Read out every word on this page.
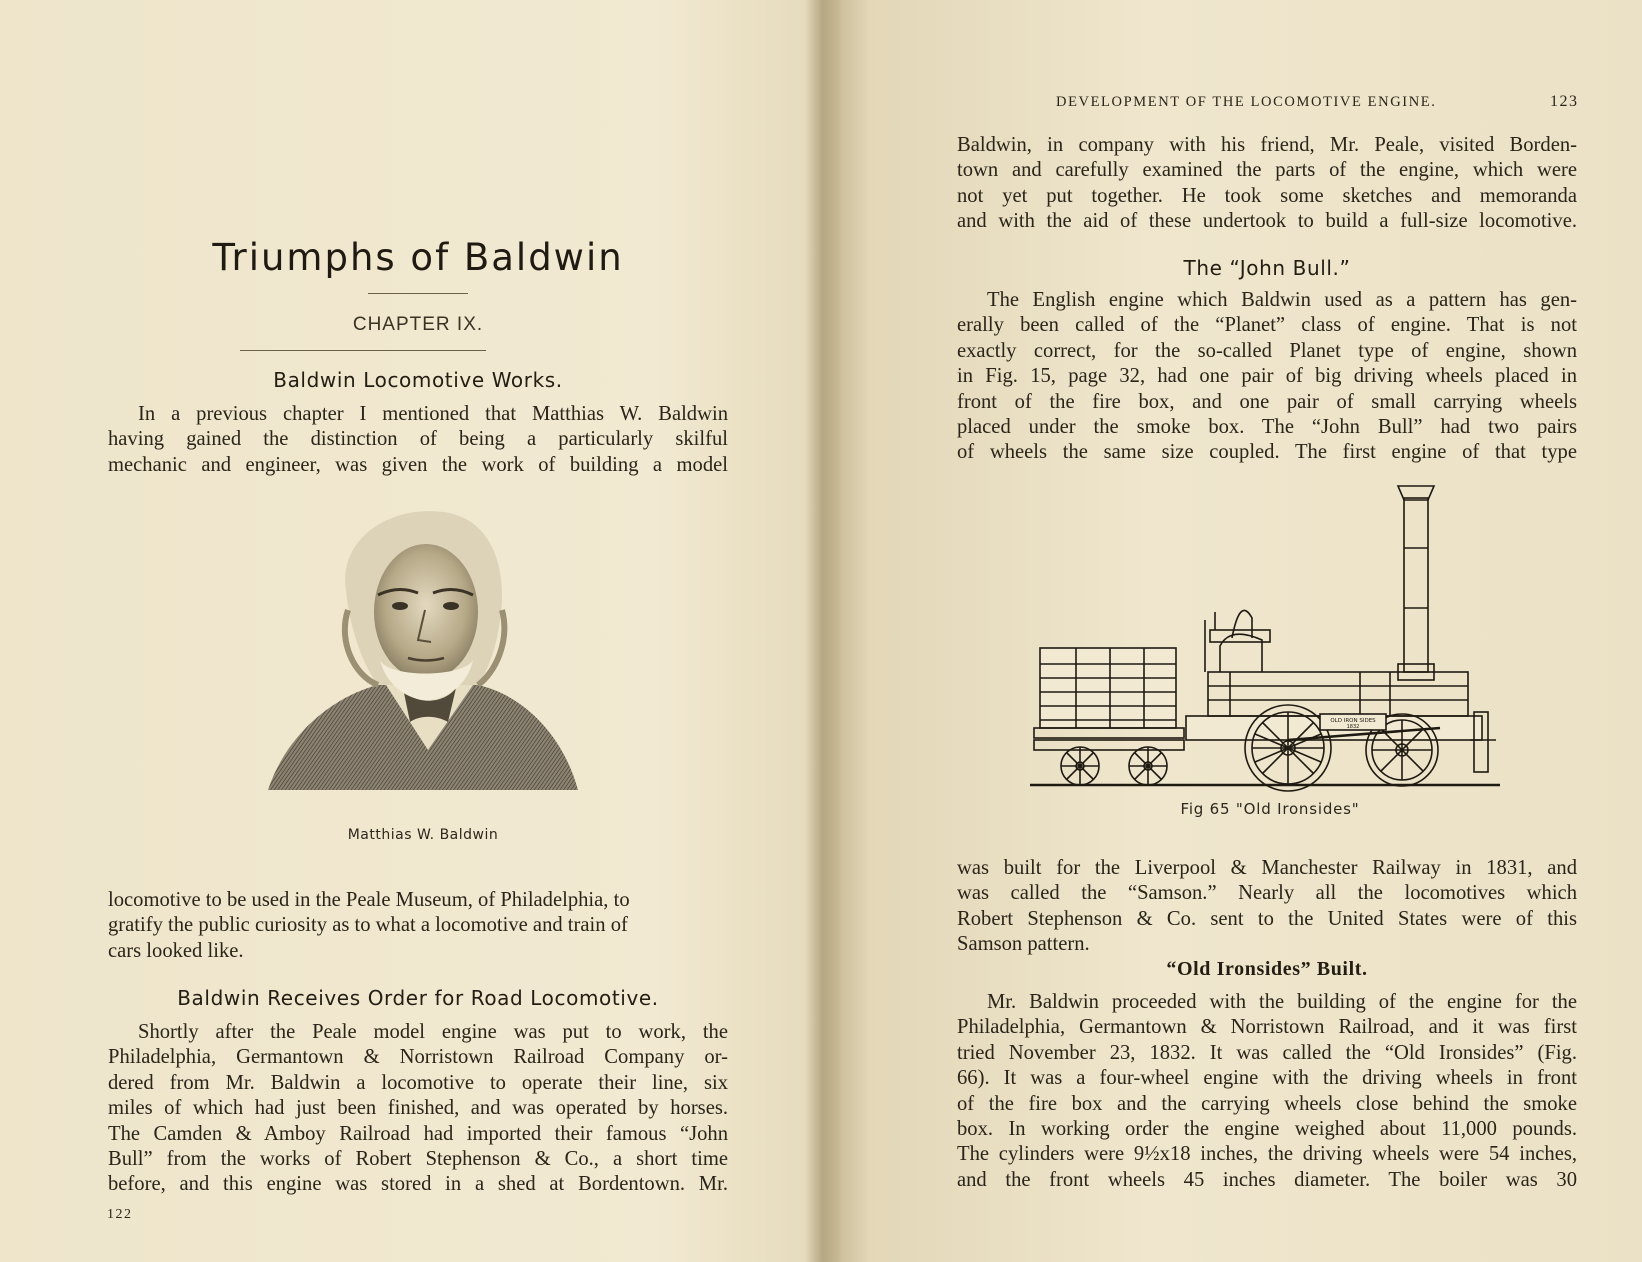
Triumphs of Baldwin
CHAPTER IX.
Baldwin Locomotive Works.
In a previous chapter I mentioned that Matthias W. Baldwin
having gained the distinction of being a particularly skilful
mechanic and engineer, was given the work of building a model
Matthias W. Baldwin
locomotive to be used in the Peale Museum, of Philadelphia, to
gratify the public curiosity as to what a locomotive and train of
cars looked like.
Baldwin Receives Order for Road Locomotive.
Shortly after the Peale model engine was put to work, the
Philadelphia, Germantown & Norristown Railroad Company or-
dered from Mr. Baldwin a locomotive to operate their line, six
miles of which had just been finished, and was operated by horses.
The Camden & Amboy Railroad had imported their famous “John
Bull” from the works of Robert Stephenson & Co., a short time
before, and this engine was stored in a shed at Bordentown. Mr.
122
DEVELOPMENT OF THE LOCOMOTIVE ENGINE.	123
Baldwin, in company with his friend, Mr. Peale, visited Borden-
town and carefully examined the parts of the engine, which were
not yet put together. He took some sketches and memoranda
and with the aid of these undertook to build a full-size locomotive.
The “John Bull.”
The English engine which Baldwin used as a pattern has gen-
erally been called of the “Planet” class of engine. That is not
exactly correct, for the so-called Planet type of engine, shown
in Fig. 15, page 32, had one pair of big driving wheels placed in
front of the fire box, and one pair of small carrying wheels
placed under the smoke box. The “John Bull” had two pairs
of wheels the same size coupled. The first engine of that type
OLD IRON SIDES
1832
Fig 65 "Old Ironsides"
was built for the Liverpool & Manchester Railway in 1831, and
was called the “Samson.” Nearly all the locomotives which
Robert Stephenson & Co. sent to the United States were of this
Samson pattern.
“Old Ironsides” Built.
Mr. Baldwin proceeded with the building of the engine for the
Philadelphia, Germantown & Norristown Railroad, and it was first
tried November 23, 1832. It was called the “Old Ironsides” (Fig.
66). It was a four-wheel engine with the driving wheels in front
of the fire box and the carrying wheels close behind the smoke
box. In working order the engine weighed about 11,000 pounds.
The cylinders were 9½x18 inches, the driving wheels were 54 inches,
and the front wheels 45 inches diameter. The boiler was 30
